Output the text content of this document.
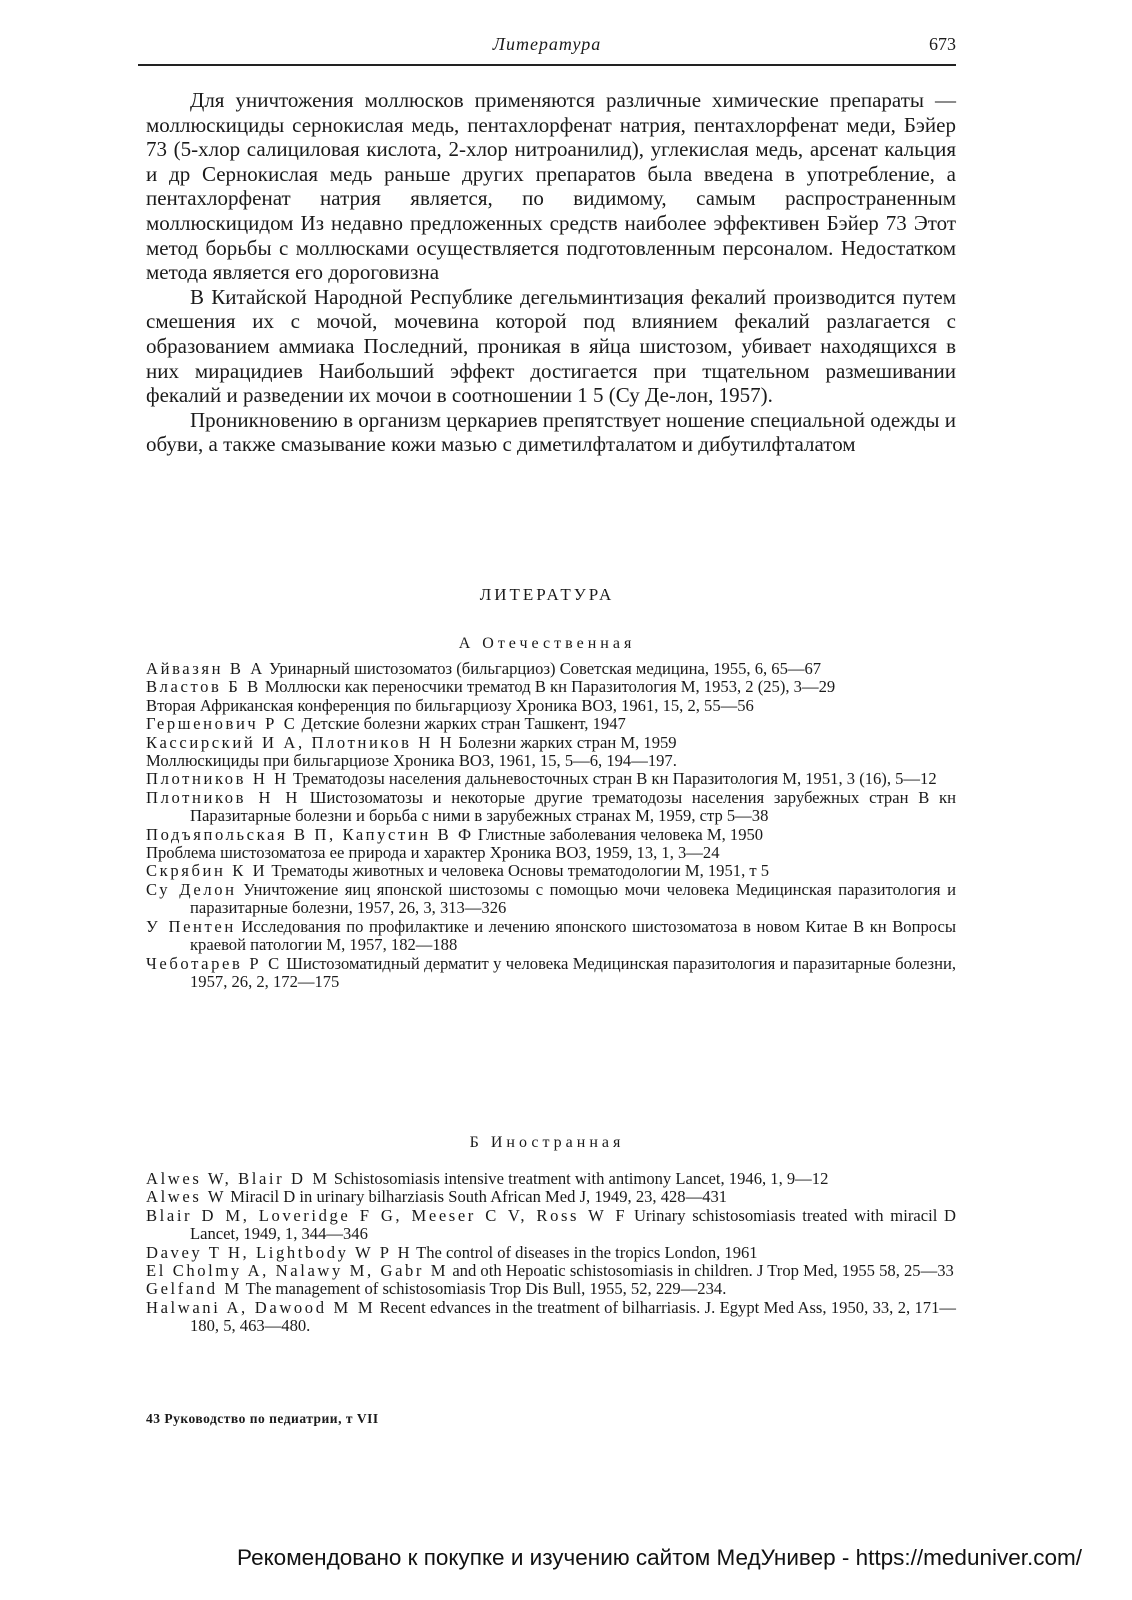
Литература	673

Для уничтожения моллюсков применяются различные химические препараты — моллюскициды сернокислая медь, пентахлорфенат натрия, пентахлорфенат меди, Бэйер 73 (5-хлор салициловая кислота, 2-хлор нитроанилид), углекислая медь, арсенат кальция и др Сернокислая медь раньше других препаратов была введена в употребление, а пентахлорфенат натрия является, по видимому, самым распространенным моллюскицидом Из недавно предложенных средств наиболее эффективен Бэйер 73 Этот метод борьбы с моллюсками осуществляется подготовленным персоналом. Недостатком метода является его дороговизна

В Китайской Народной Республике дегельминтизация фекалий производится путем смешения их с мочой, мочевина которой под влиянием фекалий разлагается с образованием аммиака Последний, проникая в яйца шистозом, убивает находящихся в них мирацидиев Наибольший эффект достигается при тщательном размешивании фекалий и разведении их мочои в соотношении 1 5 (Су Де-лон, 1957).

Проникновению в организм церкариев препятствует ношение специальной одежды и обуви, а также смазывание кожи мазью с диметилфталатом и дибутилфталатом

ЛИТЕРАТУРА
А Отечественная

Айвазян В А Уринарный шистозоматоз (бильгарциоз) Советская медицина, 1955, 6, 65—67

Властов Б В Моллюски как переносчики трематод В кн Паразитология М, 1953, 2 (25), 3—29

Вторая Африканская конференция по бильгарциозу Хроника ВОЗ, 1961, 15, 2, 55—56

Гершенович Р С Детские болезни жарких стран Ташкент, 1947

Кассирский И А, Плотников Н Н Болезни жарких стран М, 1959

Моллюскициды при бильгарциозе Хроника ВОЗ, 1961, 15, 5—6, 194—197.

Плотников Н Н Трематодозы населения дальневосточных стран В кн Паразитология М, 1951, 3 (16), 5—12

Плотников Н Н Шистозоматозы и некоторые другие трематодозы населения зарубежных стран В кн Паразитарные болезни и борьба с ними в зарубежных странах М, 1959, стр 5—38

Подъяпольская В П, Капустин В Ф Глистные заболевания человека М, 1950

Проблема шистозоматоза ее природа и характер Хроника ВОЗ, 1959, 13, 1, 3—24

Скрябин К И Трематоды животных и человека Основы трематодологии М, 1951, т 5

Су Делон Уничтожение яиц японской шистозомы с помощью мочи человека Медицинская паразитология и паразитарные болезни, 1957, 26, 3, 313—326

У Пентен Исследования по профилактике и лечению японского шистозоматоза в новом Китае В кн Вопросы краевой патологии М, 1957, 182—188

Чеботарев Р С Шистозоматидный дерматит у человека Медицинская паразитология и паразитарные болезни, 1957, 26, 2, 172—175

Б Иностранная

Alwes W, Blair D M Schistosomiasis intensive treatment with antimony Lancet, 1946, 1, 9—12

Alwes W Miracil D in urinary bilharziasis South African Med J, 1949, 23, 428—431

Blair D M, Loveridge F G, Meeser C V, Ross W F Urinary schistosomiasis treated with miracil D Lancet, 1949, 1, 344—346

Davey T H, Lightbody W P H The control of diseases in the tropics London, 1961

El Cholmy A, Nalawy M, Gabr M and oth Hepoatic schistosomiasis in children. J Trop Med, 1955 58, 25—33

Gelfand M The management of schistosomiasis Trop Dis Bull, 1955, 52, 229—234.

Halwani A, Dawood M M Recent edvances in the treatment of bilharriasis. J. Egypt Med Ass, 1950, 33, 2, 171—180, 5, 463—480.

43 Руководство по педиатрии, т VII
Рекомендовано к покупке и изучению сайтом МедУнивер - https://meduniver.com/
